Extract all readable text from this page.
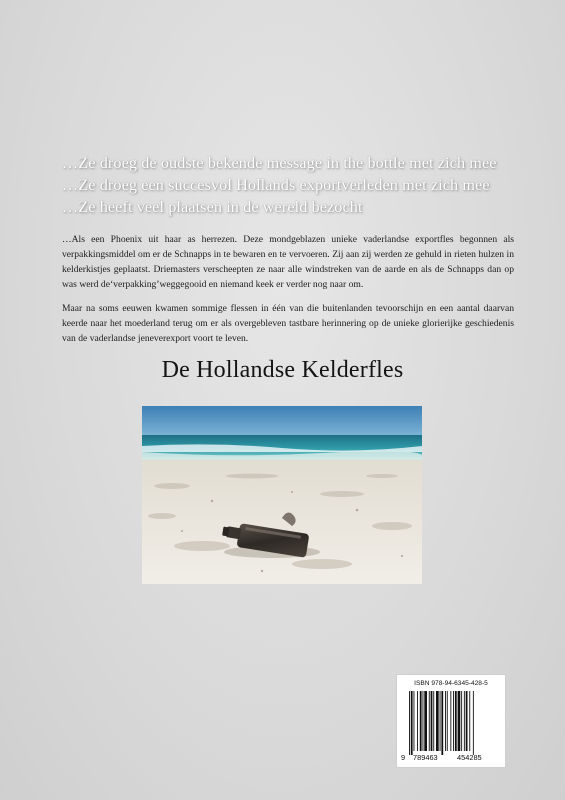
…Ze droeg de oudste bekende message in the bottle met zich mee
…Ze droeg een succesvol Hollands exportverleden met zich mee
…Ze heeft veel plaatsen in de wereld bezocht

…Als een Phoenix uit haar as herrezen. Deze mondgeblazen unieke vaderlandse exportfles begonnen als verpakkingsmiddel om er de Schnapps in te bewaren en te vervoeren. Zij aan zij werden ze gehuld in rieten hulzen in kelderkistjes geplaatst. Driemasters verscheepten ze naar alle windstreken van de aarde en als de Schnapps dan op was werd de‘verpakking’weggegooid en niemand keek er verder nog naar om.

Maar na soms eeuwen kwamen sommige flessen in één van die buitenlanden tevoorschijn en een aantal daarvan keerde naar het moederland terug om er als overgebleven tastbare herinnering op de unieke glorierijke geschiedenis van de vaderlandse jeneverexport voort te leven.

De Hollandse Kelderfles
ISBN 978-94-6345-428-5
9 789463	454285
